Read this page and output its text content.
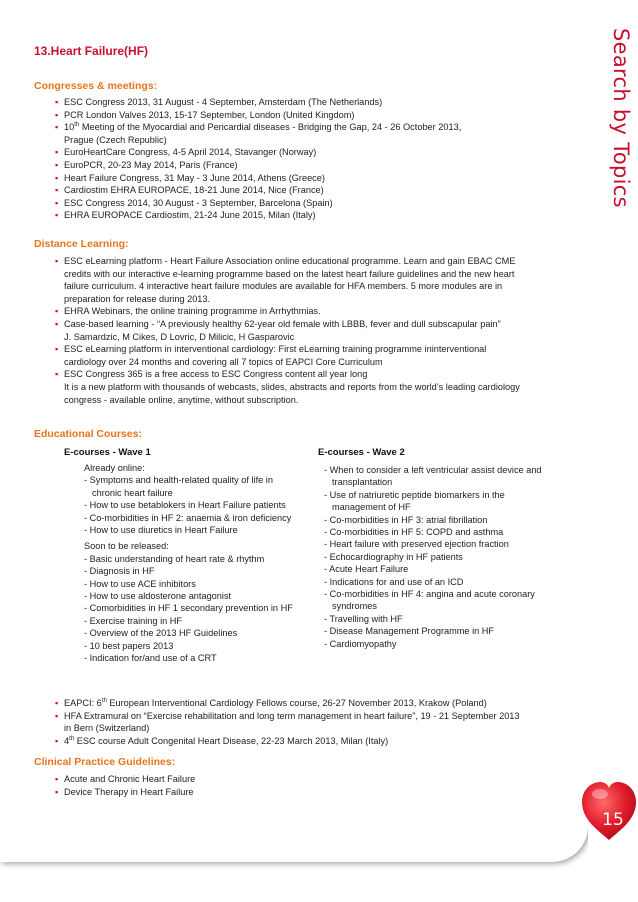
Search by Topics
13.Heart Failure(HF)
Congresses & meetings:
▪ ESC Congress 2013, 31 August - 4 September, Amsterdam (The Netherlands)
▪ PCR London Valves 2013, 15-17 September, London (United Kingdom)
▪ 10th Meeting of the Myocardial and Pericardial diseases - Bridging the Gap, 24 - 26 October 2013,
Prague (Czech Republic)
▪ EuroHeartCare Congress, 4-5 April 2014, Stavanger (Norway)
▪ EuroPCR, 20-23 May 2014, Paris (France)
▪ Heart Failure Congress, 31 May - 3 June 2014, Athens (Greece)
▪ Cardiostim EHRA EUROPACE, 18-21 June 2014, Nice (France)
▪ ESC Congress 2014, 30 August - 3 September, Barcelona (Spain)
▪ EHRA EUROPACE Cardiostim, 21-24 June 2015, Milan (Italy)
Distance Learning:
▪ ESC eLearning platform - Heart Failure Association online educational programme. Learn and gain EBAC CME
credits with our interactive e-learning programme based on the latest heart failure guidelines and the new heart
failure curriculum. 4 interactive heart failure modules are available for HFA members. 5 more modules are in
preparation for release during 2013.
▪ EHRA Webinars, the online training programme in Arrhythmias.
▪ Case-based learning - “A previously healthy 62-year old female with LBBB, fever and dull subscapular pain”
J. Samardzic, M Cikes, D Lovric, D Milicic, H Gasparovic
▪ ESC eLearning platform in interventional cardiology: First eLearning training programme ininterventional
cardiology over 24 months and covering all 7 topics of EAPCI Core Curriculum
▪ ESC Congress 365 is a free access to ESC Congress content all year long
It is a new platform with thousands of webcasts, slides, abstracts and reports from the world’s leading cardiology
congress - available online, anytime, without subscription.
Educational Courses:
E-courses - Wave 1
Already online:
- Symptoms and health-related quality of life in chronic heart failure
- How to use betablokers in Heart Failure patients
- Co-morbidities in HF 2: anaemia & iron deficiency
- How to use diuretics in Heart Failure
Soon to be released:
- Basic understanding of heart rate & rhythm
- Diagnosis in HF
- How to use ACE inhibitors
- How to use aldosterone antagonist
- Comorbidities in HF 1 secondary prevention in HF
- Exercise training in HF
- Overview of the 2013 HF Guidelines
- 10 best papers 2013
- Indication for/and use of a CRT
E-courses - Wave 2
- When to consider a left ventricular assist device and transplantation
- Use of natriuretic peptide biomarkers in the management of HF
- Co-morbidities in HF 3: atrial fibrillation
- Co-morbidities in HF 5: COPD and asthma
- Heart failure with preserved ejection fraction
- Echocardiography in HF patients
- Acute Heart Failure
- Indications for and use of an ICD
- Co-morbidities in HF 4: angina and acute coronary syndromes
- Travelling with HF
- Disease Management Programme in HF
- Cardiomyopathy
▪ EAPCI: 6th European Interventional Cardiology Fellows course, 26-27 November 2013, Krakow (Poland)
▪ HFA Extramural on “Exercise rehabilitation and long term management in heart failure”, 19 - 21 September 2013
in Bern (Switzerland)
▪ 4th ESC course Adult Congenital Heart Disease, 22-23 March 2013, Milan (Italy)
Clinical Practice Guidelines:
▪ Acute and Chronic Heart Failure
▪ Device Therapy in Heart Failure
15
